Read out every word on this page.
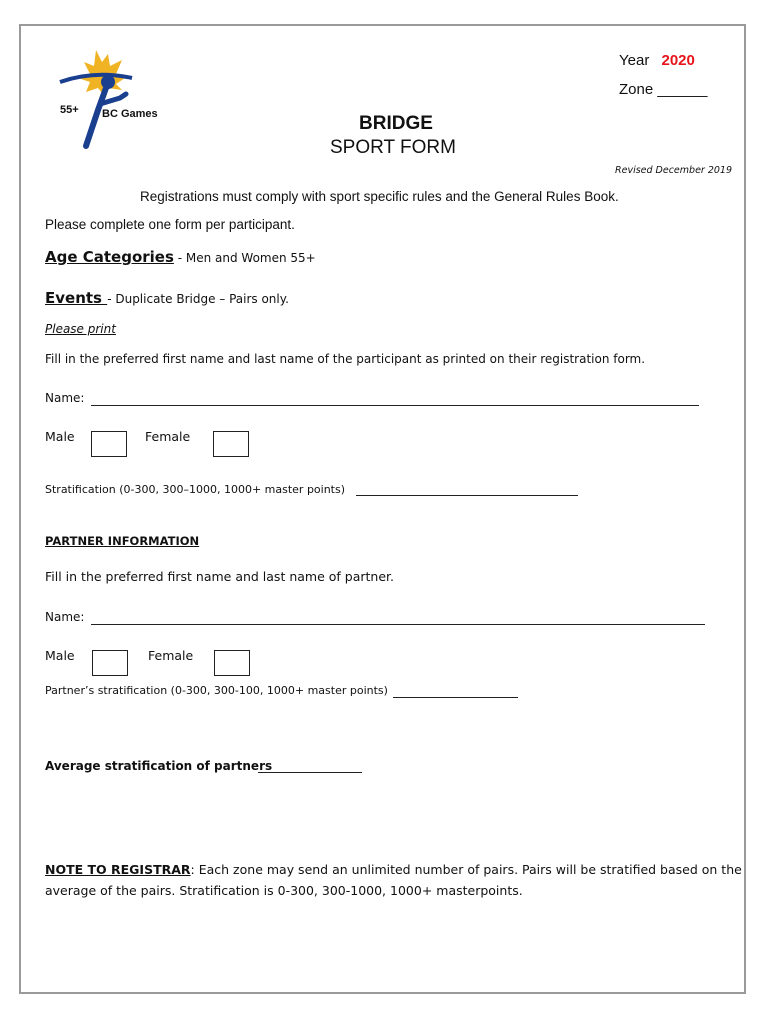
55+ BC Games
Year 2020
Zone ______
BRIDGE
SPORT FORM
Revised December 2019
Registrations must comply with sport specific rules and the General Rules Book.
Please complete one form per participant.
Age Categories - Men and Women 55+
Events - Duplicate Bridge – Pairs only.
Please print
Fill in the preferred first name and last name of the participant as printed on their registration form.
Name:
Male	Female
Stratification (0-300, 300–1000, 1000+ master points)
PARTNER INFORMATION
Fill in the preferred first name and last name of partner.
Name:
Male	Female
Partner’s stratification (0-300, 300-100, 1000+ master points)
Average stratification of partners
NOTE TO REGISTRAR: Each zone may send an unlimited number of pairs. Pairs will be stratified based on the
average of the pairs. Stratification is 0-300, 300-1000, 1000+ masterpoints.
